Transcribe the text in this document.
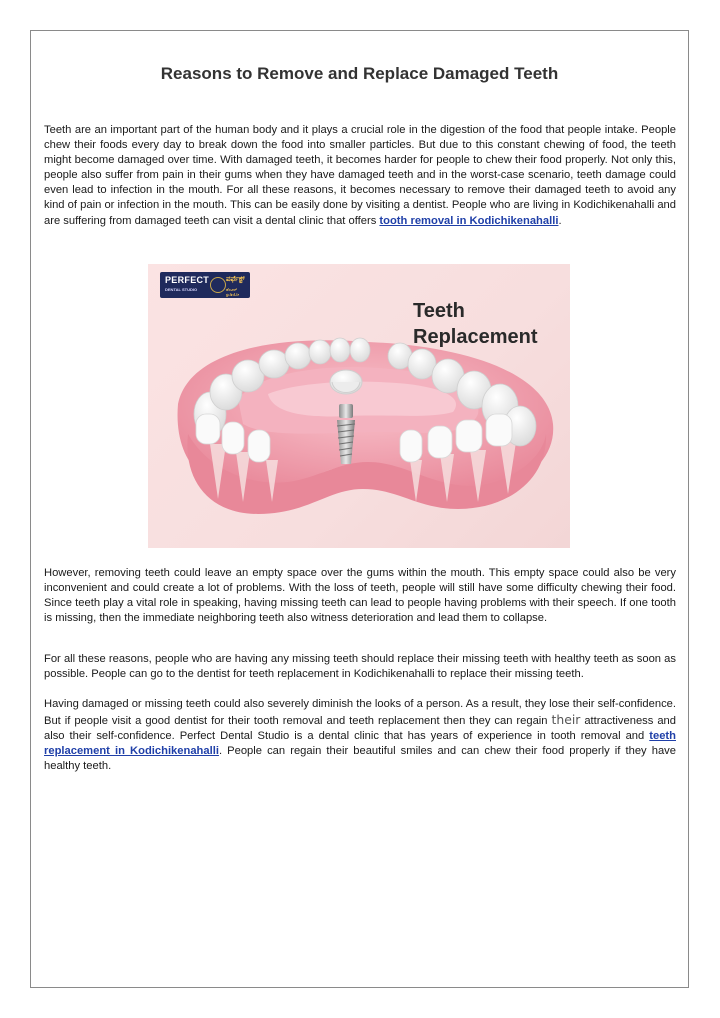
Reasons to Remove and Replace Damaged Teeth

Teeth are an important part of the human body and it plays a crucial role in the digestion of the food that people intake. People chew their foods every day to break down the food into smaller particles. But due to this constant chewing of food, the teeth might become damaged over time. With damaged teeth, it becomes harder for people to chew their food properly. Not only this, people also suffer from pain in their gums when they have damaged teeth and in the worst-case scenario, teeth damage could even lead to infection in the mouth. For all these reasons, it becomes necessary to remove their damaged teeth to avoid any kind of pain or infection in the mouth. This can be easily done by visiting a dentist. People who are living in Kodichikenahalli and are suffering from damaged teeth can visit a dental clinic that offers tooth removal in Kodichikenahalli.

PERFECT
DENTAL STUDIO
ಪರ್ಫೆಕ್ಟ್
ಡೆಂಟಲ್ ಸ್ಟುಡಿಯೋ
Teeth
Replacement

However, removing teeth could leave an empty space over the gums within the mouth. This empty space could also be very inconvenient and could create a lot of problems. With the loss of teeth, people will still have some difficulty chewing their food. Since teeth play a vital role in speaking, having missing teeth can lead to people having problems with their speech. If one tooth is missing, then the immediate neighboring teeth also witness deterioration and lead them to collapse.

For all these reasons, people who are having any missing teeth should replace their missing teeth with healthy teeth as soon as possible. People can go to the dentist for teeth replacement in Kodichikenahalli to replace their missing teeth.

Having damaged or missing teeth could also severely diminish the looks of a person. As a result, they lose their self-confidence. But if people visit a good dentist for their tooth removal and teeth replacement then they can regain their attractiveness and also their self-confidence. Perfect Dental Studio is a dental clinic that has years of experience in tooth removal and teeth replacement in Kodichikenahalli. People can regain their beautiful smiles and can chew their food properly if they have healthy teeth.
